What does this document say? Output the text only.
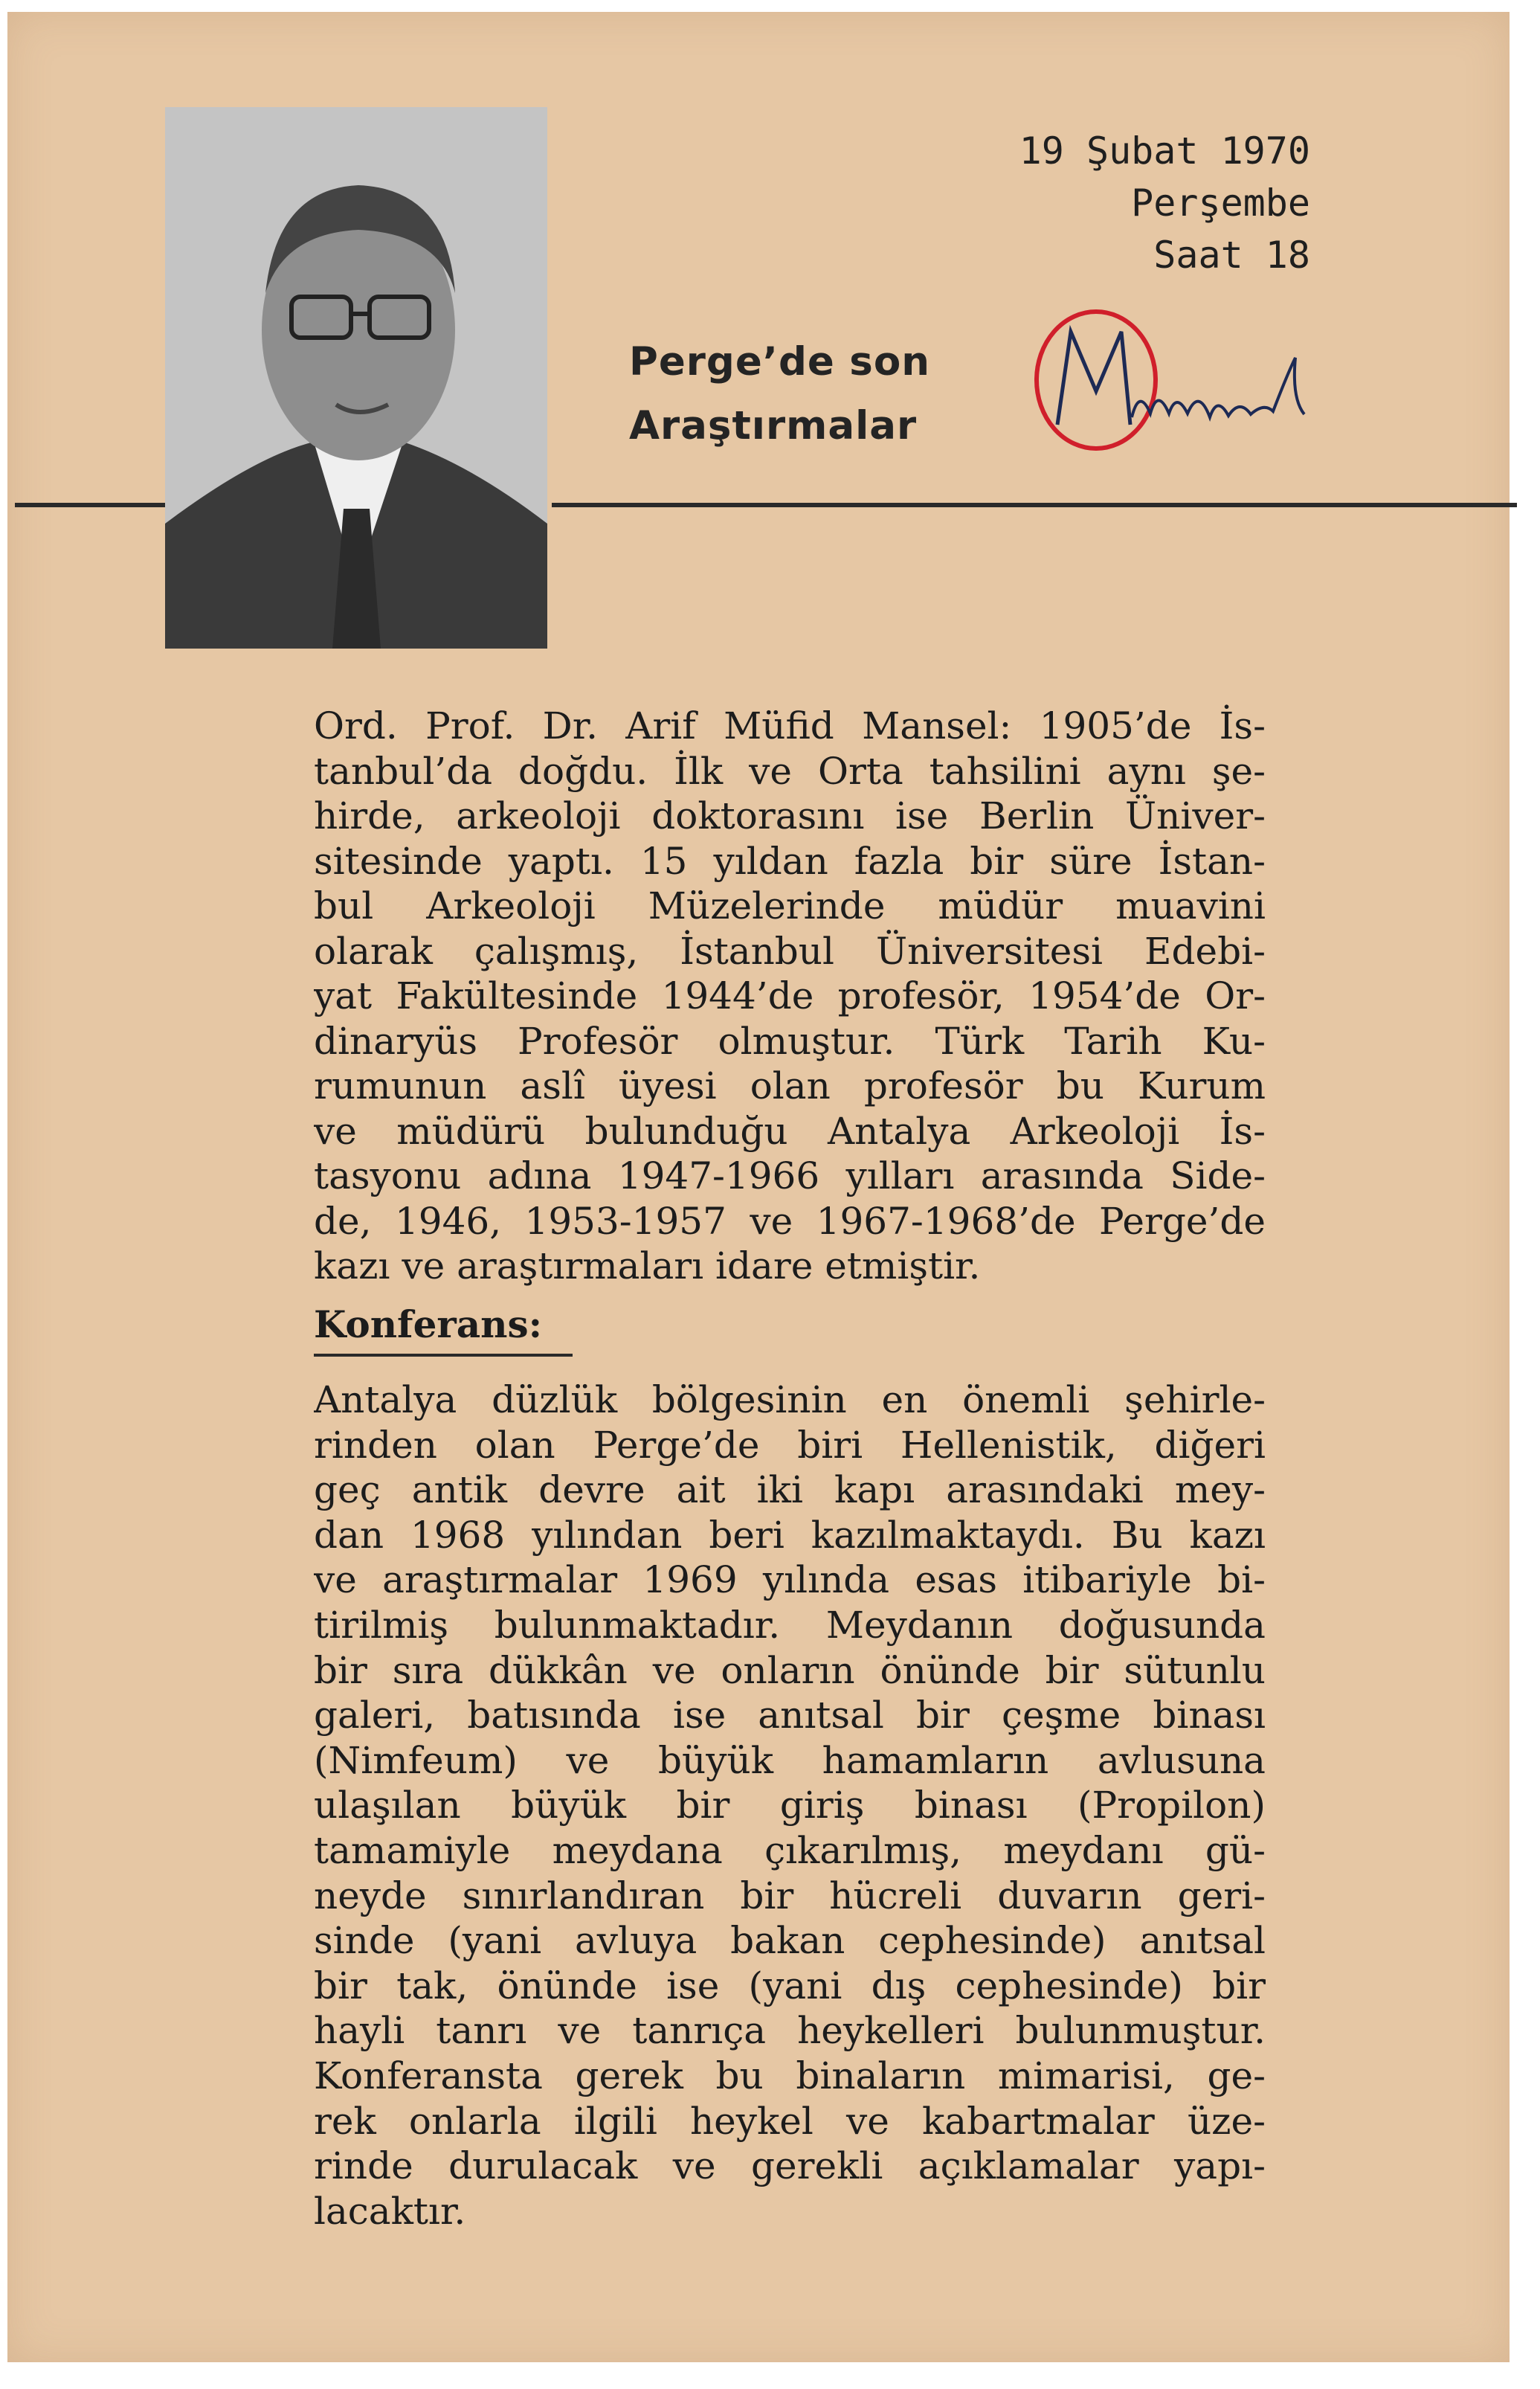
19 Şubat 1970
Perşembe
Saat 18
Perge’de son
Araştırmalar
Ord. Prof. Dr. Arif Müfid Mansel: 1905’de İs-
tanbul’da doğdu. İlk ve Orta tahsilini aynı şe-
hirde, arkeoloji doktorasını ise Berlin Üniver-
sitesinde yaptı. 15 yıldan fazla bir süre İstan-
bul Arkeoloji Müzelerinde müdür muavini
olarak çalışmış, İstanbul Üniversitesi Edebi-
yat Fakültesinde 1944’de profesör, 1954’de Or-
dinaryüs Profesör olmuştur. Türk Tarih Ku-
rumunun aslî üyesi olan profesör bu Kurum
ve müdürü bulunduğu Antalya Arkeoloji İs-
tasyonu adına 1947-1966 yılları arasında Side-
de, 1946, 1953-1957 ve 1967-1968’de Perge’de
kazı ve araştırmaları idare etmiştir.
Konferans:
Antalya düzlük bölgesinin en önemli şehirle-
rinden olan Perge’de biri Hellenistik, diğeri
geç antik devre ait iki kapı arasındaki mey-
dan 1968 yılından beri kazılmaktaydı. Bu kazı
ve araştırmalar 1969 yılında esas itibariyle bi-
tirilmiş bulunmaktadır. Meydanın doğusunda
bir sıra dükkân ve onların önünde bir sütunlu
galeri, batısında ise anıtsal bir çeşme binası
(Nimfeum) ve büyük hamamların avlusuna
ulaşılan büyük bir giriş binası (Propilon)
tamamiyle meydana çıkarılmış, meydanı gü-
neyde sınırlandıran bir hücreli duvarın geri-
sinde (yani avluya bakan cephesinde) anıtsal
bir tak, önünde ise (yani dış cephesinde) bir
hayli tanrı ve tanrıça heykelleri bulunmuştur.
Konferansta gerek bu binaların mimarisi, ge-
rek onlarla ilgili heykel ve kabartmalar üze-
rinde durulacak ve gerekli açıklamalar yapı-
lacaktır.
